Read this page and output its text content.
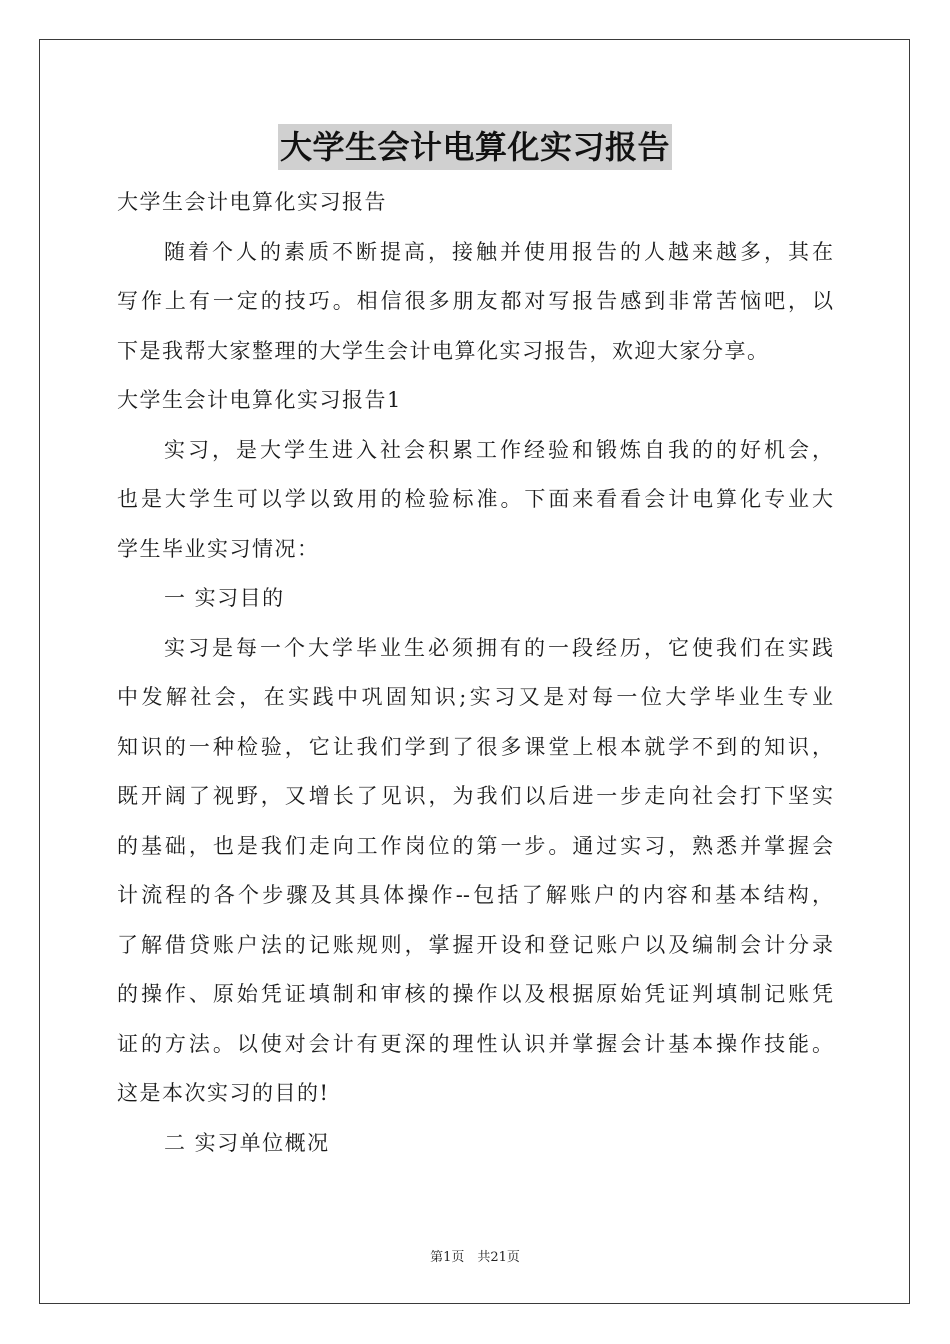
大学生会计电算化实习报告
大学生会计电算化实习报告
随着个人的素质不断提高，接触并使用报告的人越来越多，其在
写作上有一定的技巧。相信很多朋友都对写报告感到非常苦恼吧，以
下是我帮大家整理的大学生会计电算化实习报告，欢迎大家分享。
大学生会计电算化实习报告1
实习，是大学生进入社会积累工作经验和锻炼自我的的好机会，
也是大学生可以学以致用的检验标准。下面来看看会计电算化专业大
学生毕业实习情况：
一 实习目的
实习是每一个大学毕业生必须拥有的一段经历，它使我们在实践
中发解社会，在实践中巩固知识;实习又是对每一位大学毕业生专业
知识的一种检验，它让我们学到了很多课堂上根本就学不到的知识，
既开阔了视野，又增长了见识，为我们以后进一步走向社会打下坚实
的基础，也是我们走向工作岗位的第一步。通过实习，熟悉并掌握会
计流程的各个步骤及其具体操作--包括了解账户的内容和基本结构，
了解借贷账户法的记账规则，掌握开设和登记账户以及编制会计分录
的操作、原始凭证填制和审核的操作以及根据原始凭证判填制记账凭
证的方法。以使对会计有更深的理性认识并掌握会计基本操作技能。
这是本次实习的目的!
二 实习单位概况
第1页　共21页
